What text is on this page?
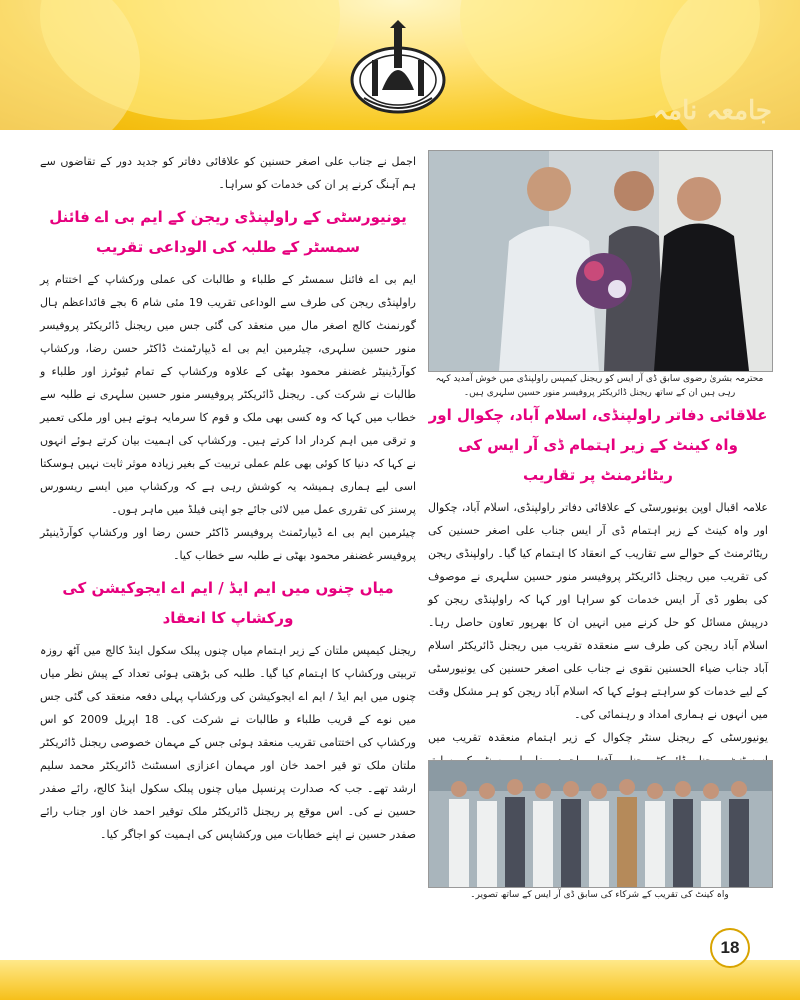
جامعہ نامہ

اجمل نے جناب علی اصغر حسنین کو علاقائی دفاتر کو جدید دور کے تقاضوں سے ہم آہنگ کرنے پر ان کی خدمات کو سراہا۔

یونیورسٹی کے راولپنڈی ریجن کے ایم بی اے فائنل سمسٹر کے طلبہ کی الوداعی تقریب

ایم بی اے فائنل سمسٹر کے طلباء و طالبات کی عملی ورکشاپ کے اختتام پر راولپنڈی ریجن کی طرف سے الوداعی تقریب 19 مئی شام 6 بجے قائداعظم ہال گورنمنٹ کالج اصغر مال میں منعقد کی گئی جس میں ریجنل ڈائریکٹر پروفیسر منور حسین سلہری، چیئرمین ایم بی اے ڈیپارٹمنٹ ڈاکٹر حسن رضا، ورکشاپ کوآرڈینیٹر غضنفر محمود بھٹی کے علاوہ ورکشاپ کے تمام ٹیوٹرز اور طلباء و طالبات نے شرکت کی۔ ریجنل ڈائریکٹر پروفیسر منور حسین سلہری نے طلبہ سے خطاب میں کہا کہ وہ کسی بھی ملک و قوم کا سرمایہ ہوتے ہیں اور ملکی تعمیر و ترقی میں اہم کردار ادا کرتے ہیں۔ ورکشاپ کی اہمیت بیان کرتے ہوئے انہوں نے کہا کہ دنیا کا کوئی بھی علم عملی تربیت کے بغیر زیادہ موثر ثابت نہیں ہوسکتا اسی لیے ہماری ہمیشہ یہ کوشش رہی ہے کہ ورکشاپ میں ایسے ریسورس پرسنز کی تقرری عمل میں لائی جائے جو اپنی فیلڈ میں ماہر ہوں۔

چیئرمین ایم بی اے ڈیپارٹمنٹ پروفیسر ڈاکٹر حسن رضا اور ورکشاپ کوآرڈینیٹر پروفیسر غضنفر محمود بھٹی نے طلبہ سے خطاب کیا۔

میاں چنوں میں ایم ایڈ / ایم اے ایجوکیشن کی ورکشاپ کا انعقاد

ریجنل کیمپس ملتان کے زیر اہتمام میاں چنوں پبلک سکول اینڈ کالج میں آٹھ روزہ تربیتی ورکشاپ کا اہتمام کیا گیا۔ طلبہ کی بڑھتی ہوئی تعداد کے پیش نظر میاں چنوں میں ایم ایڈ / ایم اے ایجوکیشن کی ورکشاپ پہلی دفعہ منعقد کی گئی جس میں نوے کے قریب طلباء و طالبات نے شرکت کی۔ 18 اپریل 2009 کو اس ورکشاپ کی اختتامی تقریب منعقد ہوئی جس کے مہمان خصوصی ریجنل ڈائریکٹر ملتان ملک تو قیر احمد خان اور مہمان اعزازی اسسٹنٹ ڈائریکٹر محمد سلیم ارشد تھے۔ جب کہ صدارت پرنسپل میاں چنوں پبلک سکول اینڈ کالج، رائے صفدر حسین نے کی۔ اس موقع پر ریجنل ڈائریکٹر ملک توقیر احمد خان اور جناب رائے صفدر حسین نے اپنے خطابات میں ورکشاپس کی اہمیت کو اجاگر کیا۔

محترمہ بشریٰ رضوی سابق ڈی آر ایس کو ریجنل کیمپس راولپنڈی میں خوش آمدید کہہ رہی ہیں ان کے ساتھ ریجنل ڈائریکٹر پروفیسر منور حسین سلہری ہیں۔
علاقائی دفاتر راولپنڈی، اسلام آباد، چکوال اور واہ کینٹ کے زیر اہتمام ڈی آر ایس کی ریٹائرمنٹ پر تقاریب

علامہ اقبال اوپن یونیورسٹی کے علاقائی دفاتر راولپنڈی، اسلام آباد، چکوال اور واہ کینٹ کے زیر اہتمام ڈی آر ایس جناب علی اصغر حسنین کی ریٹائرمنٹ کے حوالے سے تقاریب کے انعقاد کا اہتمام کیا گیا۔ راولپنڈی ریجن کی تقریب میں ریجنل ڈائریکٹر پروفیسر منور حسین سلہری نے موصوف کی بطور ڈی آر ایس خدمات کو سراہا اور کہا کہ راولپنڈی ریجن کو درپیش مسائل کو حل کرنے میں انہیں ان کا بھرپور تعاون حاصل رہا۔ اسلام آباد ریجن کی طرف سے منعقدہ تقریب میں ریجنل ڈائریکٹر اسلام آباد جناب ضیاء الحسنین نقوی نے جناب علی اصغر حسنین کی یونیورسٹی کے لیے خدمات کو سراہتے ہوئے کہا کہ اسلام آباد ریجن کو ہر مشکل وقت میں انہوں نے ہماری امداد و رہنمائی کی۔

یونیورسٹی کے ریجنل سنٹر چکوال کے زیر اہتمام منعقدہ تقریب میں

واہ کینٹ کی تقریب کے شرکاء کی سابق ڈی آر ایس کے ساتھ تصویر۔
18
